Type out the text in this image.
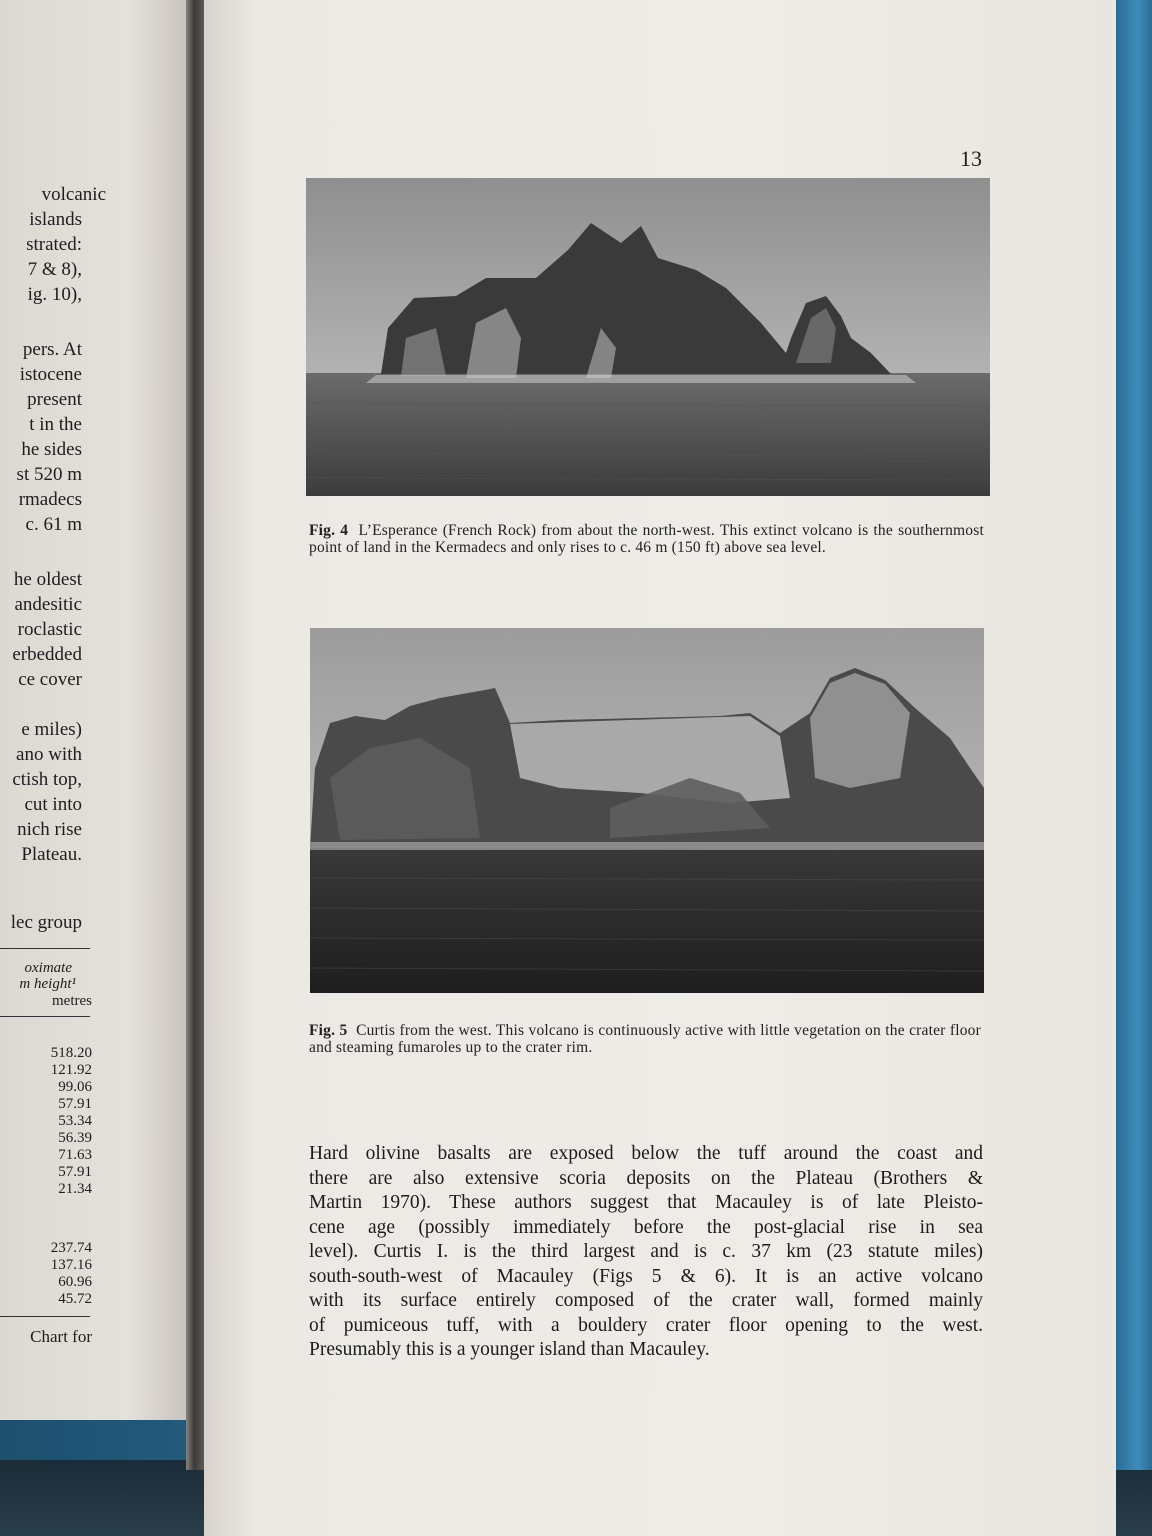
volcanic
islands
strated:
7 & 8),
ig. 10),
pers. At
istocene
present
t in the
he sides
st 520 m
rmadecs
c. 61 m
he oldest
andesitic
roclastic
erbedded
ce cover
e miles)
ano with
ctish top,
cut into
nich rise
Plateau.
lec group
oximate
m height¹
metres
518.20
121.92
99.06
57.91
53.34
56.39
71.63
57.91
21.34
237.74
137.16
60.96
45.72
Chart for
13
Fig. 4 L’Esperance (French Rock) from about the north-west. This extinct volcano is the southernmost point of land in the Kermadecs and only rises to c. 46 m (150 ft) above sea level.
Fig. 5 Curtis from the west. This volcano is continuously active with little vegetation on the crater floor and steaming fumaroles up to the crater rim.
Hard olivine basalts are exposed below the tuff around the coast and
there are also extensive scoria deposits on the Plateau (Brothers &
Martin 1970). These authors suggest that Macauley is of late Pleisto-
cene age (possibly immediately before the post-glacial rise in sea
level). Curtis I. is the third largest and is c. 37 km (23 statute miles)
south-south-west of Macauley (Figs 5 & 6). It is an active volcano
with its surface entirely composed of the crater wall, formed mainly
of pumiceous tuff, with a bouldery crater floor opening to the west.
Presumably this is a younger island than Macauley.
